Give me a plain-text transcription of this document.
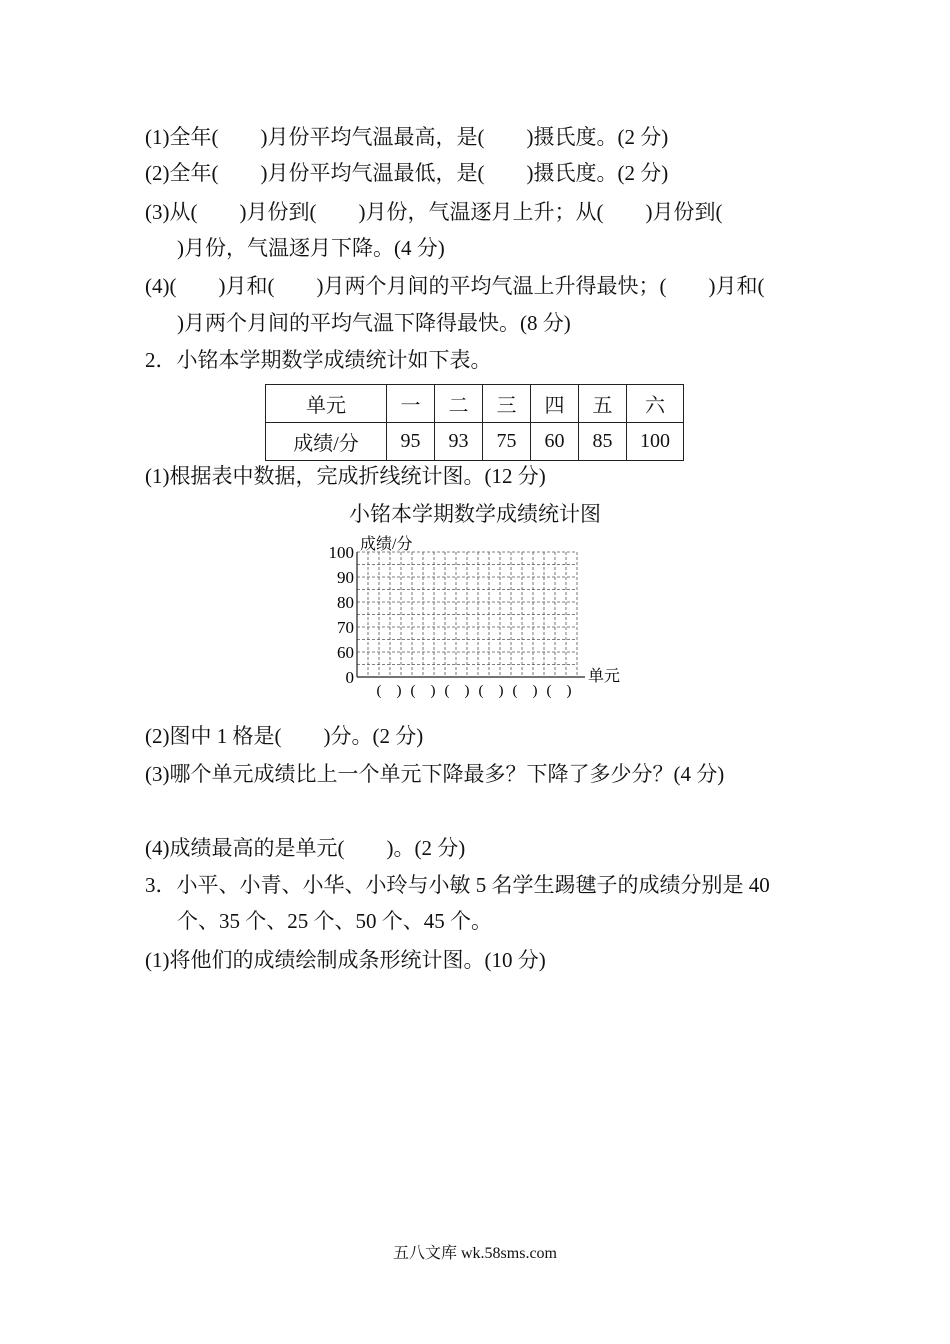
(1)全年(　　)月份平均气温最高，是(　　)摄氏度。(2 分)
(2)全年(　　)月份平均气温最低，是(　　)摄氏度。(2 分)
(3)从(　　)月份到(　　)月份，气温逐月上升；从(　　)月份到(
)月份，气温逐月下降。(4 分)
(4)(　　)月和(　　)月两个月间的平均气温上升得最快；(　　)月和(
)月两个月间的平均气温下降得最快。(8 分)
2．小铭本学期数学成绩统计如下表。
单元	一	二	三	四	五	六
成绩/分	95	93	75	60	85	100
(1)根据表中数据，完成折线统计图。(12 分)
小铭本学期数学成绩统计图
成绩/分
单元
100
90
80
70
60
0
(　) (　) (　) (　) (　) (　)
(2)图中 1 格是(　　)分。(2 分)
(3)哪个单元成绩比上一个单元下降最多？下降了多少分？(4 分)
(4)成绩最高的是单元(　　)。(2 分)
3．小平、小青、小华、小玲与小敏 5 名学生踢毽子的成绩分别是 40
个、35 个、25 个、50 个、45 个。
(1)将他们的成绩绘制成条形统计图。(10 分)
五八文库 wk.58sms.com
